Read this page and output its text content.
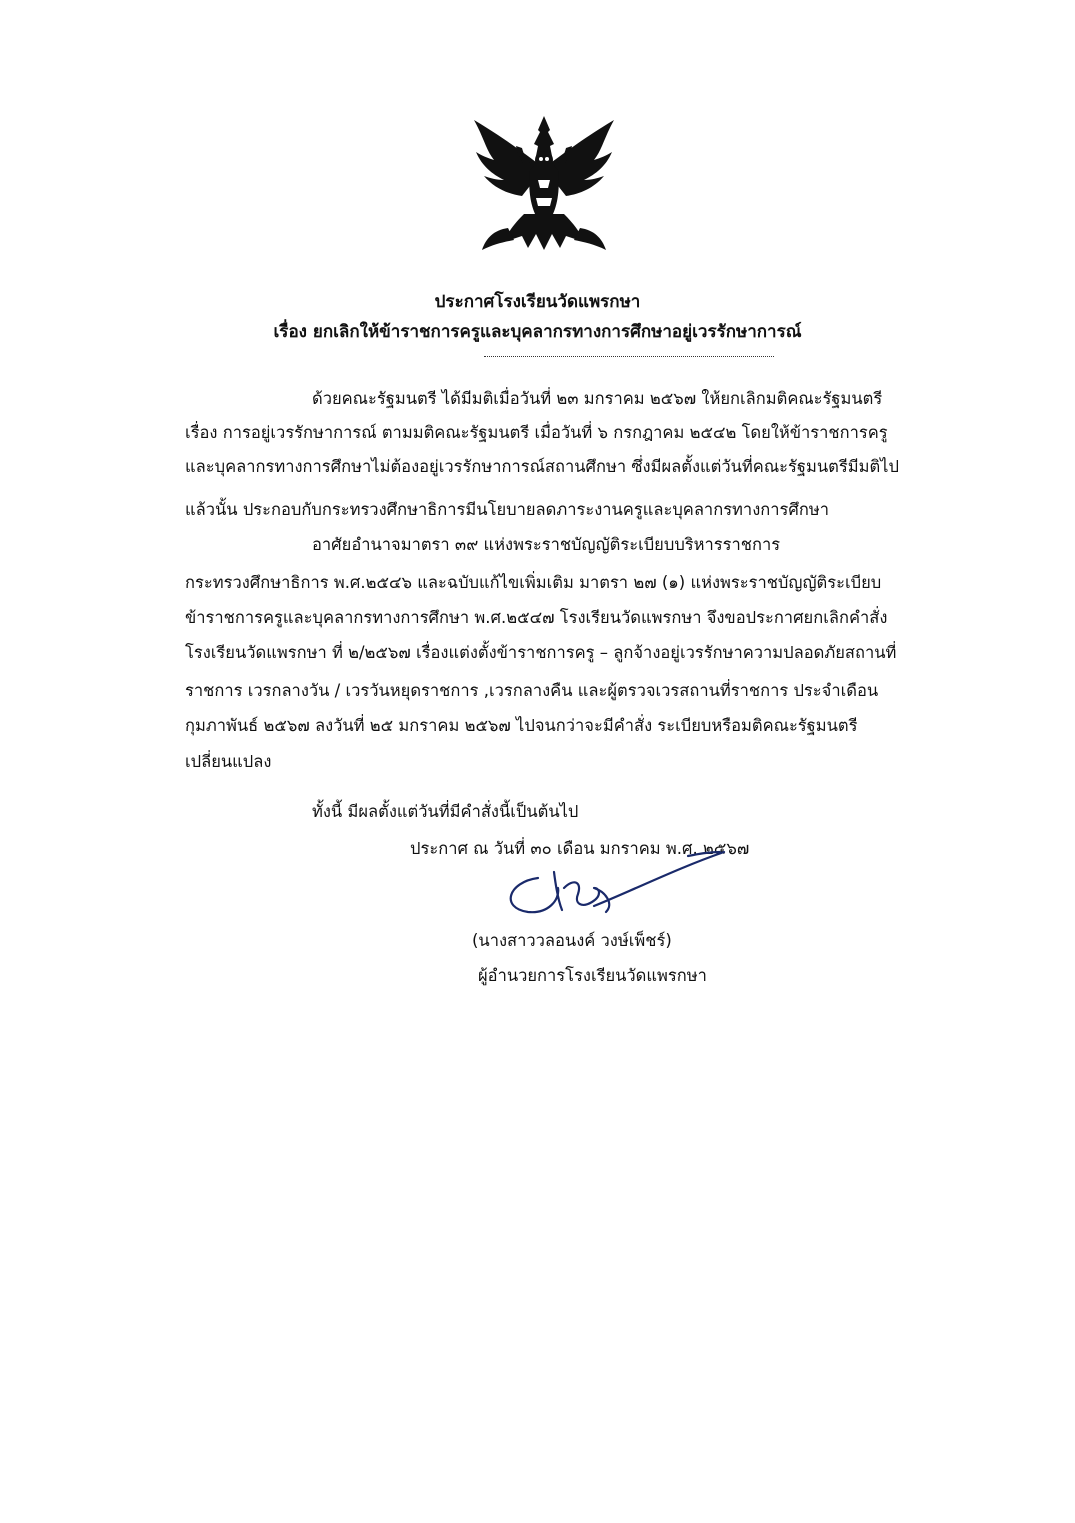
ประกาศโรงเรียนวัดแพรกษา
เรื่อง ยกเลิกให้ข้าราชการครูและบุคลากรทางการศึกษาอยู่เวรรักษาการณ์
ด้วยคณะรัฐมนตรี ได้มีมติเมื่อวันที่ ๒๓ มกราคม ๒๕๖๗ ให้ยกเลิกมติคณะรัฐมนตรี
เรื่อง การอยู่เวรรักษาการณ์ ตามมติคณะรัฐมนตรี เมื่อวันที่ ๖ กรกฎาคม ๒๕๔๒ โดยให้ข้าราชการครู
และบุคลากรทางการศึกษาไม่ต้องอยู่เวรรักษาการณ์สถานศึกษา ซึ่งมีผลตั้งแต่วันที่คณะรัฐมนตรีมีมติไป
แล้วนั้น ประกอบกับกระทรวงศึกษาธิการมีนโยบายลดภาระงานครูและบุคลากรทางการศึกษา
อาศัยอำนาจมาตรา ๓๙ แห่งพระราชบัญญัติระเบียบบริหารราชการ
กระทรวงศึกษาธิการ พ.ศ.๒๕๔๖ และฉบับแก้ไขเพิ่มเติม มาตรา ๒๗ (๑) แห่งพระราชบัญญัติระเบียบ
ข้าราชการครูและบุคลากรทางการศึกษา พ.ศ.๒๕๔๗ โรงเรียนวัดแพรกษา จึงขอประกาศยกเลิกคำสั่ง
โรงเรียนวัดแพรกษา ที่ ๒/๒๕๖๗ เรื่องแต่งตั้งข้าราชการครู – ลูกจ้างอยู่เวรรักษาความปลอดภัยสถานที่
ราชการ เวรกลางวัน / เวรวันหยุดราชการ ,เวรกลางคืน และผู้ตรวจเวรสถานที่ราชการ ประจำเดือน
กุมภาพันธ์ ๒๕๖๗ ลงวันที่ ๒๕ มกราคม ๒๕๖๗ ไปจนกว่าจะมีคำสั่ง ระเบียบหรือมติคณะรัฐมนตรี
เปลี่ยนแปลง
ทั้งนี้ มีผลตั้งแต่วันที่มีคำสั่งนี้เป็นต้นไป
ประกาศ ณ วันที่ ๓๐ เดือน มกราคม พ.ศ. ๒๕๖๗
(นางสาววลอนงค์ วงษ์เพ็ชร์)
ผู้อำนวยการโรงเรียนวัดแพรกษา
